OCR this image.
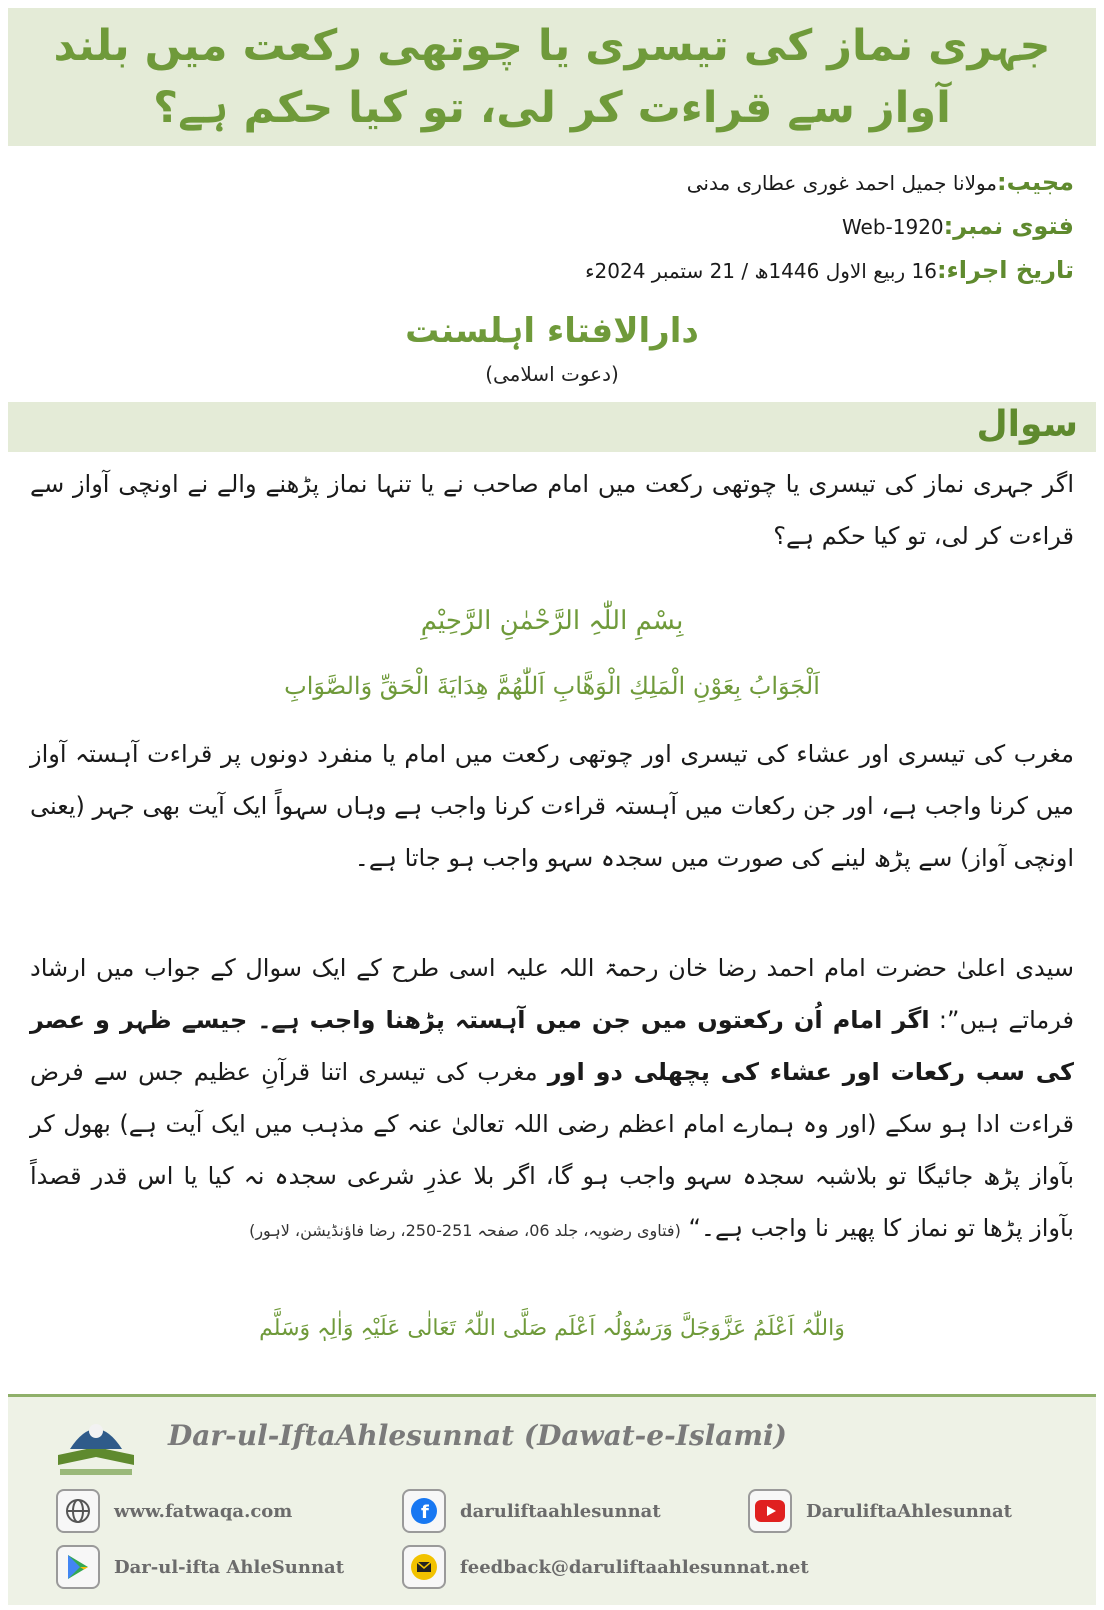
جہری نماز کی تیسری یا چوتھی رکعت میں بلند آواز سے قراءت کر لی، تو کیا حکم ہے؟
مجیب:مولانا جمیل احمد غوری عطاری مدنی
فتوی نمبر:Web-1920
تاریخ اجراء:16 ربیع الاول 1446ھ / 21 ستمبر 2024ء
دارالافتاء اہلسنت
(دعوت اسلامی)
سوال
اگر جہری نماز کی تیسری یا چوتھی رکعت میں امام صاحب نے یا تنہا نماز پڑھنے والے نے اونچی آواز سے قراءت کر لی، تو کیا حکم ہے؟
بِسْمِ اللّٰہِ الرَّحْمٰنِ الرَّحِیْمِ
اَلْجَوَابُ بِعَوْنِ الْمَلِكِ الْوَهَّابِ اَللّٰهُمَّ هِدَايَةَ الْحَقِّ وَالصَّوَابِ
مغرب کی تیسری اور عشاء کی تیسری اور چوتھی رکعت میں امام یا منفرد دونوں پر قراءت آہستہ آواز میں کرنا واجب ہے، اور جن رکعات میں آہستہ قراءت کرنا واجب ہے وہاں سہواً ایک آیت بھی جہر (یعنی اونچی آواز) سے پڑھ لینے کی صورت میں سجدہ سہو واجب ہو جاتا ہے۔
سیدی اعلیٰ حضرت امام احمد رضا خان رحمۃ اللہ علیہ اسی طرح کے ایک سوال کے جواب میں ارشاد فرماتے ہیں”: اگر امام اُن رکعتوں میں جن میں آہستہ پڑھنا واجب ہے۔ جیسے ظہر و عصر کی سب رکعات اور عشاء کی پچھلی دو اور مغرب کی تیسری اتنا قرآنِ عظیم جس سے فرض قراءت ادا ہو سکے (اور وہ ہمارے امام اعظم رضی اللہ تعالیٰ عنہ کے مذہب میں ایک آیت ہے) بھول کر بآواز پڑھ جائیگا تو بلاشبہ سجدہ سہو واجب ہو گا، اگر بلا عذرِ شرعی سجدہ نہ کیا یا اس قدر قصداً بآواز پڑھا تو نماز کا پھیر نا واجب ہے۔“ (فتاوی رضویہ، جلد 06، صفحہ 251-250، رضا فاؤنڈیشن، لاہور)
وَاللّٰہُ اَعْلَمُ عَزَّوَجَلَّ وَرَسُوْلُہ اَعْلَم صَلَّی اللّٰہُ تَعَالٰی عَلَیْہِ وَاٰلِہٖ وَسَلَّم
Dar-ul-IftaAhlesunnat (Dawat-e-Islami)
www.fatwaqa.com	f daruliftaahlesunnat	DaruliftaAhlesunnat
Dar-ul-ifta AhleSunnat	feedback@daruliftaahlesunnat.net
